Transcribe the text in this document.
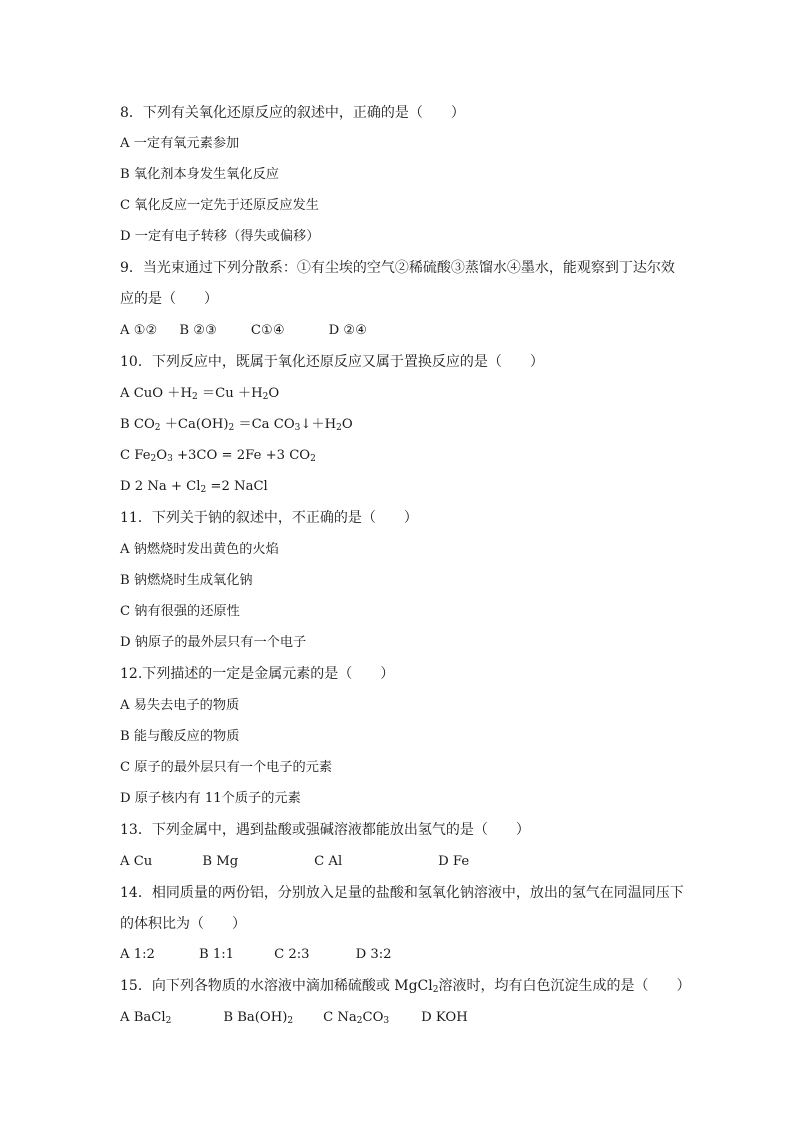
8．下列有关氧化还原反应的叙述中，正确的是（　　）
A 一定有氧元素参加
B 氧化剂本身发生氧化反应
C 氧化反应一定先于还原反应发生
D 一定有电子转移（得失或偏移）
9．当光束通过下列分散系：①有尘埃的空气②稀硫酸③蒸馏水④墨水，能观察到丁达尔效
应的是（　　）
A ①② B ②③	C①④	D ②④
10．下列反应中，既属于氧化还原反应又属于置换反应的是（　　）
A CuO $+H_2 =Cu +H_2O$
B $CO_2 +Ca(OH)_2 =Ca$ $CO_3↓+H_2O$
C $Fe_2O_3 +3CO = 2Fe +3$ $CO_2$
D 2 $Na + Cl_2 =2$ NaCl
11．下列关于钠的叙述中，不正确的是（　　）
A 钠燃烧时发出黄色的火焰
B 钠燃烧时生成氧化钠
C 钠有很强的还原性
D 钠原子的最外层只有一个电子
12.下列描述的一定是金属元素的是（　　）
A 易失去电子的物质
B 能与酸反应的物质
C 原子的最外层只有一个电子的元素
D 原子核内有 11个质子的元素
13．下列金属中，遇到盐酸或强碱溶液都能放出氢气的是（　　）
A Cu	B Mg	C Al	D Fe
14．相同质量的两份铝，分别放入足量的盐酸和氢氧化钠溶液中，放出的氢气在同温同压下
的体积比为（　　）
A 1:2	B 1:1	C 2:3	D 3:2
15．向下列各物质的水溶液中滴加稀硫酸或 MgCl$_2$溶液时，均有白色沉淀生成的是（　　）
A BaCl$_2$	B $Ba(OH)_2$ C $Na_2CO_3$ D KOH
